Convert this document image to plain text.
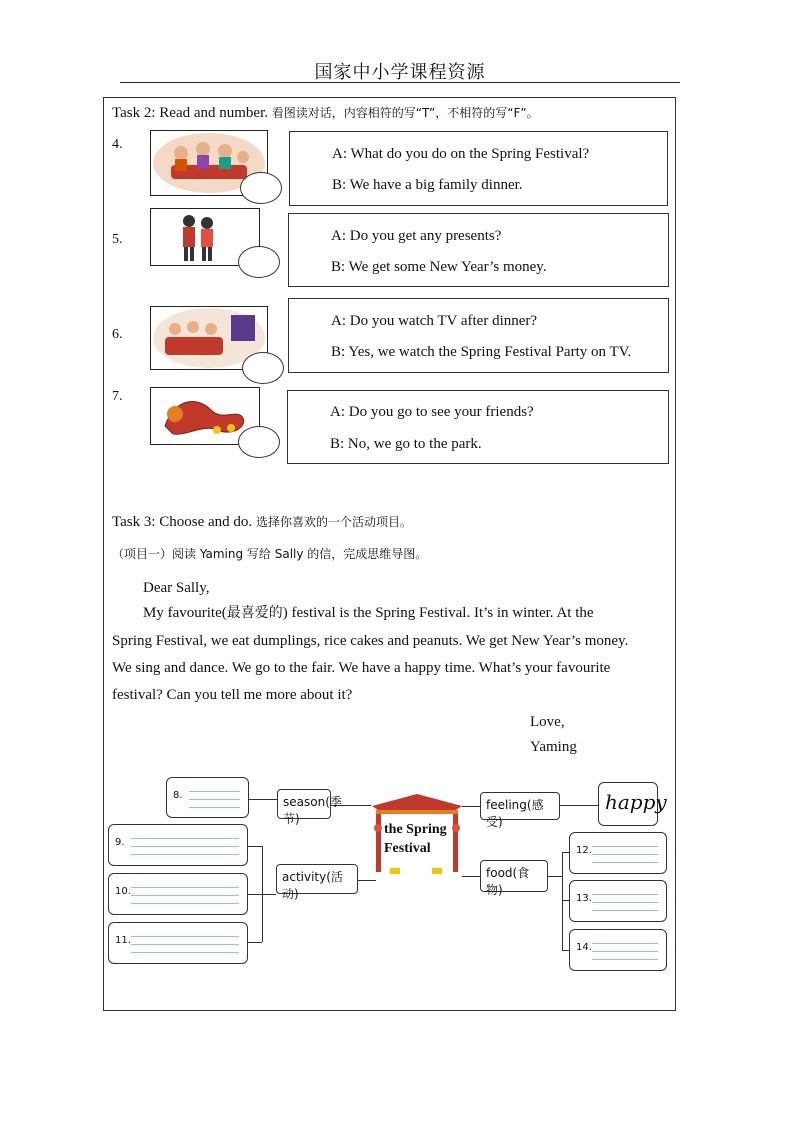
国家中小学课程资源
Task 2: Read and number. 看图读对话，内容相符的写“T”，不相符的写“F”。
4.
A: What do you do on the Spring Festival?
B: We have a big family dinner.
5.	A: Do you get any presents?
B: We get some New Year’s money.
6.
A: Do you watch TV after dinner?
B: Yes, we watch the Spring Festival Party on TV.
7.
A: Do you go to see your friends?
B: No, we go to the park.
Task 3: Choose and do. 选择你喜欢的一个活动项目。
（项目一）阅读 Yaming 写给 Sally 的信，完成思维导图。
Dear Sally,
My favourite(最喜爱的) festival is the Spring Festival. It’s in winter. At the
Spring Festival, we eat dumplings, rice cakes and peanuts. We get New Year’s money.
We sing and dance. We go to the fair. We have a happy time. What’s your favourite
festival? Can you tell me more about it?
Love,
Yaming
the Spring
Festival
season(季节)
activity(活动)
feeling(感受)
food(食物)
happy
8.
9.
10.
11.
12.
13.
14.
